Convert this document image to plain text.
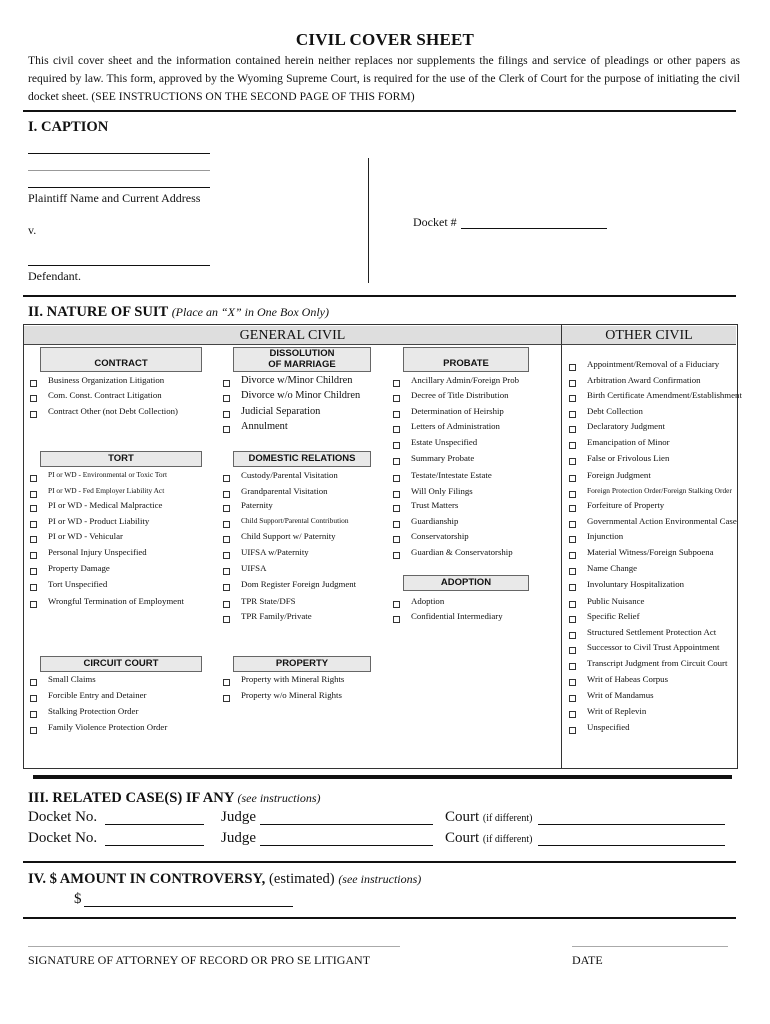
CIVIL COVER SHEET
This civil cover sheet and the information contained herein neither replaces nor supplements the filings and service of pleadings or other papers as required by law. This form, approved by the Wyoming Supreme Court, is required for the use of the Clerk of Court for the purpose of initiating the civil docket sheet. (SEE INSTRUCTIONS ON THE SECOND PAGE OF THIS FORM)
I. CAPTION
Plaintiff Name and Current Address
v.
Defendant.
Docket #
II. NATURE OF SUIT (Place an “X” in One Box Only)
GENERAL CIVIL	OTHER CIVIL
Business Organization Litigation
Com. Const. Contract Litigation
Contract Other (not Debt Collection)
PI or WD - Environmental or Toxic Tort
PI or WD - Fed Employer Liability Act
PI or WD - Medical Malpractice
PI or WD - Product Liability
PI or WD - Vehicular
Personal Injury Unspecified
Property Damage
Tort Unspecified
Wrongful Termination of Employment
Small Claims
Forcible Entry and Detainer
Stalking Protection Order
Family Violence Protection Order
Divorce w/Minor Children
Divorce w/o Minor Children
Judicial Separation
Annulment
Custody/Parental Visitation
Grandparental Visitation
Paternity
Child Support/Parental Contribution
Child Support w/ Paternity
UIFSA w/Paternity
UIFSA
Dom Register Foreign Judgment
TPR State/DFS
TPR Family/Private
Property with Mineral Rights
Property w/o Mineral Rights
Ancillary Admin/Foreign Prob
Decree of Title Distribution
Determination of Heirship
Letters of Administration
Estate Unspecified
Summary Probate
Testate/Intestate Estate
Will Only Filings
Trust Matters
Guardianship
Conservatorship
Guardian & Conservatorship
Adoption
Confidential Intermediary
Appointment/Removal of a Fiduciary
Arbitration Award Confirmation
Birth Certificate Amendment/Establishment
Debt Collection
Declaratory Judgment
Emancipation of Minor
False or Frivolous Lien
Foreign Judgment
Foreign Protection Order/Foreign Stalking Order
Forfeiture of Property
Governmental Action Environmental Case
Injunction
Material Witness/Foreign Subpoena
Name Change
Involuntary Hospitalization
Public Nuisance
Specific Relief
Structured Settlement Protection Act
Successor to Civil Trust Appointment
Transcript Judgment from Circuit Court
Writ of Habeas Corpus
Writ of Mandamus
Writ of Replevin
Unspecified
CONTRACT
DISSOLUTION
OF MARRIAGE	PROBATE
TORT	DOMESTIC RELATIONS
ADOPTION
CIRCUIT COURT	PROPERTY
III. RELATED CASE(S) IF ANY (see instructions)
Docket No.	Judge	Court (if different)
Docket No.	Judge	Court (if different)
IV. $ AMOUNT IN CONTROVERSY, (estimated) (see instructions)
$
SIGNATURE OF ATTORNEY OF RECORD OR PRO SE LITIGANT	DATE
